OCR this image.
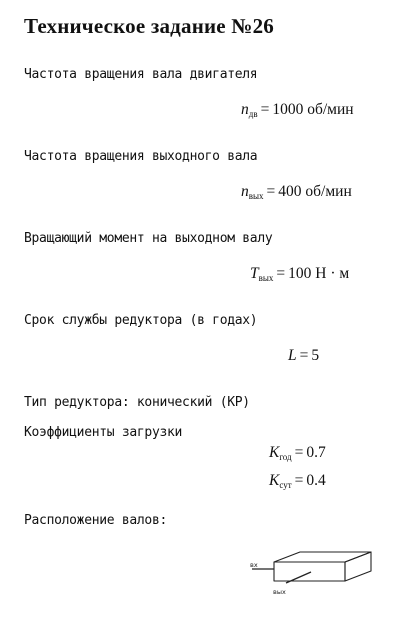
Техническое задание №26
Частота вращения вала двигателя
$n_{дв} = 1000$ об/мин
Частота вращения выходного вала
$n_{вых} = 400$ об/мин
Вращающий момент на выходном валу
$T_{вых} = 100$ Н · м
Срок службы редуктора (в годах)
L = 5
Тип редуктора: конический (КР)
Коэффициенты загрузки
$K_{год} = 0.7$
$K_{сут} = 0.4$
Расположение валов:
вх
вых
